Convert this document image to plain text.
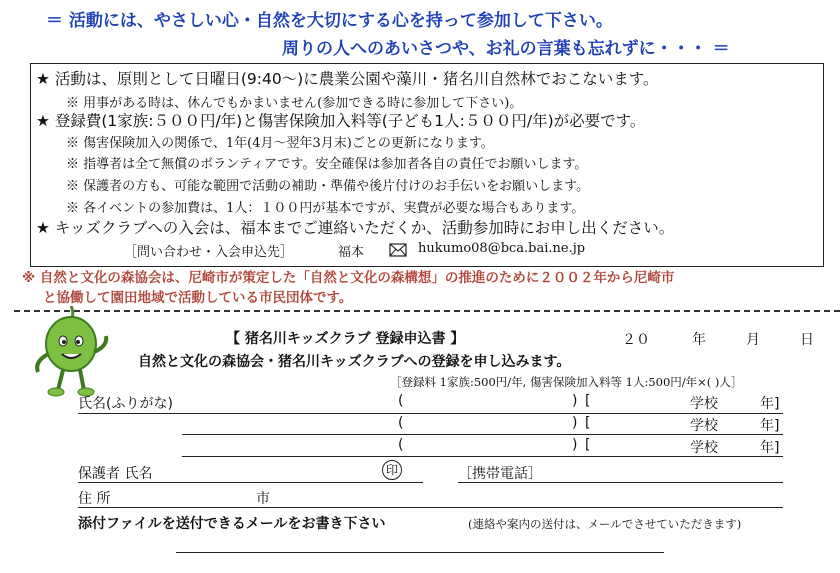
＝ 活動には、やさしい心・自然を大切にする心を持って参加して下さい。
周りの人へのあいさつや、お礼の言葉も忘れずに・・・ ＝
★ 活動は、原則として日曜日(9:40～)に農業公園や藻川・猪名川自然林でおこないます。
※ 用事がある時は、休んでもかまいません(参加できる時に参加して下さい)。
★ 登録費(1家族:５００円/年)と傷害保険加入料等(子ども1人:５００円/年)が必要です。
※ 傷害保険加入の関係で、1年(4月～翌年3月末)ごとの更新になります。
※ 指導者は全て無償のボランティアです。安全確保は参加者各自の責任でお願いします。
※ 保護者の方も、可能な範囲で活動の補助・準備や後片付けのお手伝いをお願いします。
※ 各イベントの参加費は、1人：１００円が基本ですが、実費が必要な場合もあります。
★ キッズクラブへの入会は、福本までご連絡いただくか、活動参加時にお申し出ください。
［問い合わせ・入会申込先］	福本	hukumo08@bca.bai.ne.jp
※ 自然と文化の森協会は、尼崎市が策定した「自然と文化の森構想」の推進のために２００２年から尼崎市
と協働して園田地域で活動している市民団体です。
【 猪名川キッズクラブ 登録申込書 】	２０	年	月	日
自然と文化の森協会・猪名川キッズクラブへの登録を申し込みます。
［登録料 1家族:500円/年, 傷害保険加入料等 1人:500円/年×( )人］
氏名(ふりがな)	(	) [	学校	年]
(	) [	学校	年]
(	) [	学校	年]
保護者 氏名	印	［携帯電話］
住 所	市
添付ファイルを送付できるメールをお書き下さい	(連絡や案内の送付は、メールでさせていただきます)
